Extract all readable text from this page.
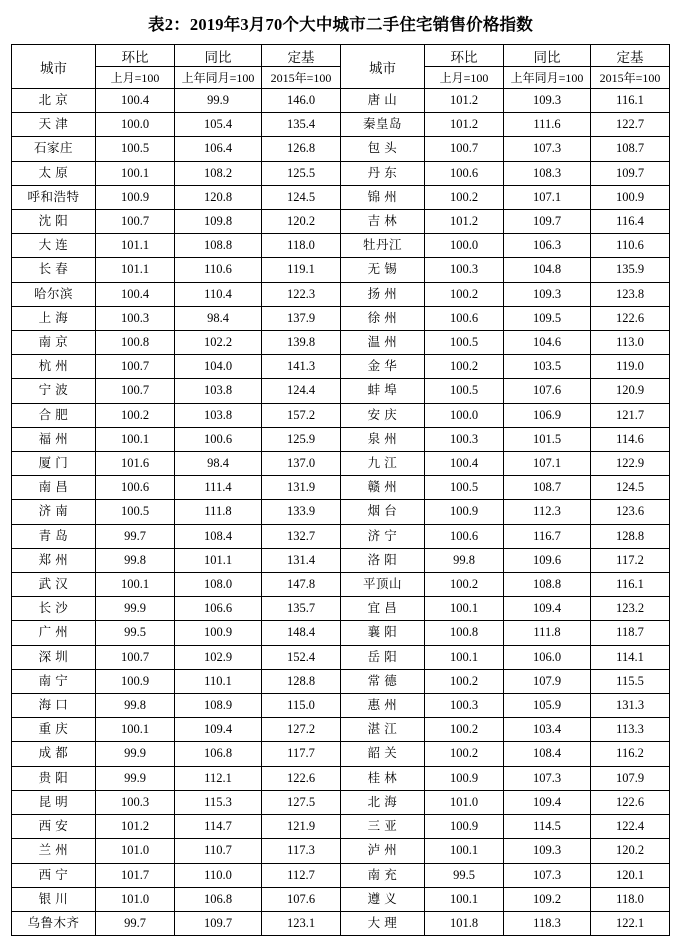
表2：2019年3月70个大中城市二手住宅销售价格指数
城市	环比	同比	定基	城市	环比	同比	定基
	上月=100	上年同月=100	2015年=100		上月=100	上年同月=100	2015年=100
北 京	100.4	99.9	146.0	唐 山	101.2	109.3	116.1
天 津	100.0	105.4	135.4	秦皇岛	101.2	111.6	122.7
石家庄	100.5	106.4	126.8	包 头	100.7	107.3	108.7
太 原	100.1	108.2	125.5	丹 东	100.6	108.3	109.7
呼和浩特	100.9	120.8	124.5	锦 州	100.2	107.1	100.9
沈 阳	100.7	109.8	120.2	吉 林	101.2	109.7	116.4
大 连	101.1	108.8	118.0	牡丹江	100.0	106.3	110.6
长 春	101.1	110.6	119.1	无 锡	100.3	104.8	135.9
哈尔滨	100.4	110.4	122.3	扬 州	100.2	109.3	123.8
上 海	100.3	98.4	137.9	徐 州	100.6	109.5	122.6
南 京	100.8	102.2	139.8	温 州	100.5	104.6	113.0
杭 州	100.7	104.0	141.3	金 华	100.2	103.5	119.0
宁 波	100.7	103.8	124.4	蚌 埠	100.5	107.6	120.9
合 肥	100.2	103.8	157.2	安 庆	100.0	106.9	121.7
福 州	100.1	100.6	125.9	泉 州	100.3	101.5	114.6
厦 门	101.6	98.4	137.0	九 江	100.4	107.1	122.9
南 昌	100.6	111.4	131.9	赣 州	100.5	108.7	124.5
济 南	100.5	111.8	133.9	烟 台	100.9	112.3	123.6
青 岛	99.7	108.4	132.7	济 宁	100.6	116.7	128.8
郑 州	99.8	101.1	131.4	洛 阳	99.8	109.6	117.2
武 汉	100.1	108.0	147.8	平顶山	100.2	108.8	116.1
长 沙	99.9	106.6	135.7	宜 昌	100.1	109.4	123.2
广 州	99.5	100.9	148.4	襄 阳	100.8	111.8	118.7
深 圳	100.7	102.9	152.4	岳 阳	100.1	106.0	114.1
南 宁	100.9	110.1	128.8	常 德	100.2	107.9	115.5
海 口	99.8	108.9	115.0	惠 州	100.3	105.9	131.3
重 庆	100.1	109.4	127.2	湛 江	100.2	103.4	113.3
成 都	99.9	106.8	117.7	韶 关	100.2	108.4	116.2
贵 阳	99.9	112.1	122.6	桂 林	100.9	107.3	107.9
昆 明	100.3	115.3	127.5	北 海	101.0	109.4	122.6
西 安	101.2	114.7	121.9	三 亚	100.9	114.5	122.4
兰 州	101.0	110.7	117.3	泸 州	100.1	109.3	120.2
西 宁	101.7	110.0	112.7	南 充	99.5	107.3	120.1
银 川	101.0	106.8	107.6	遵 义	100.1	109.2	118.0
乌鲁木齐	99.7	109.7	123.1	大 理	101.8	118.3	122.1
